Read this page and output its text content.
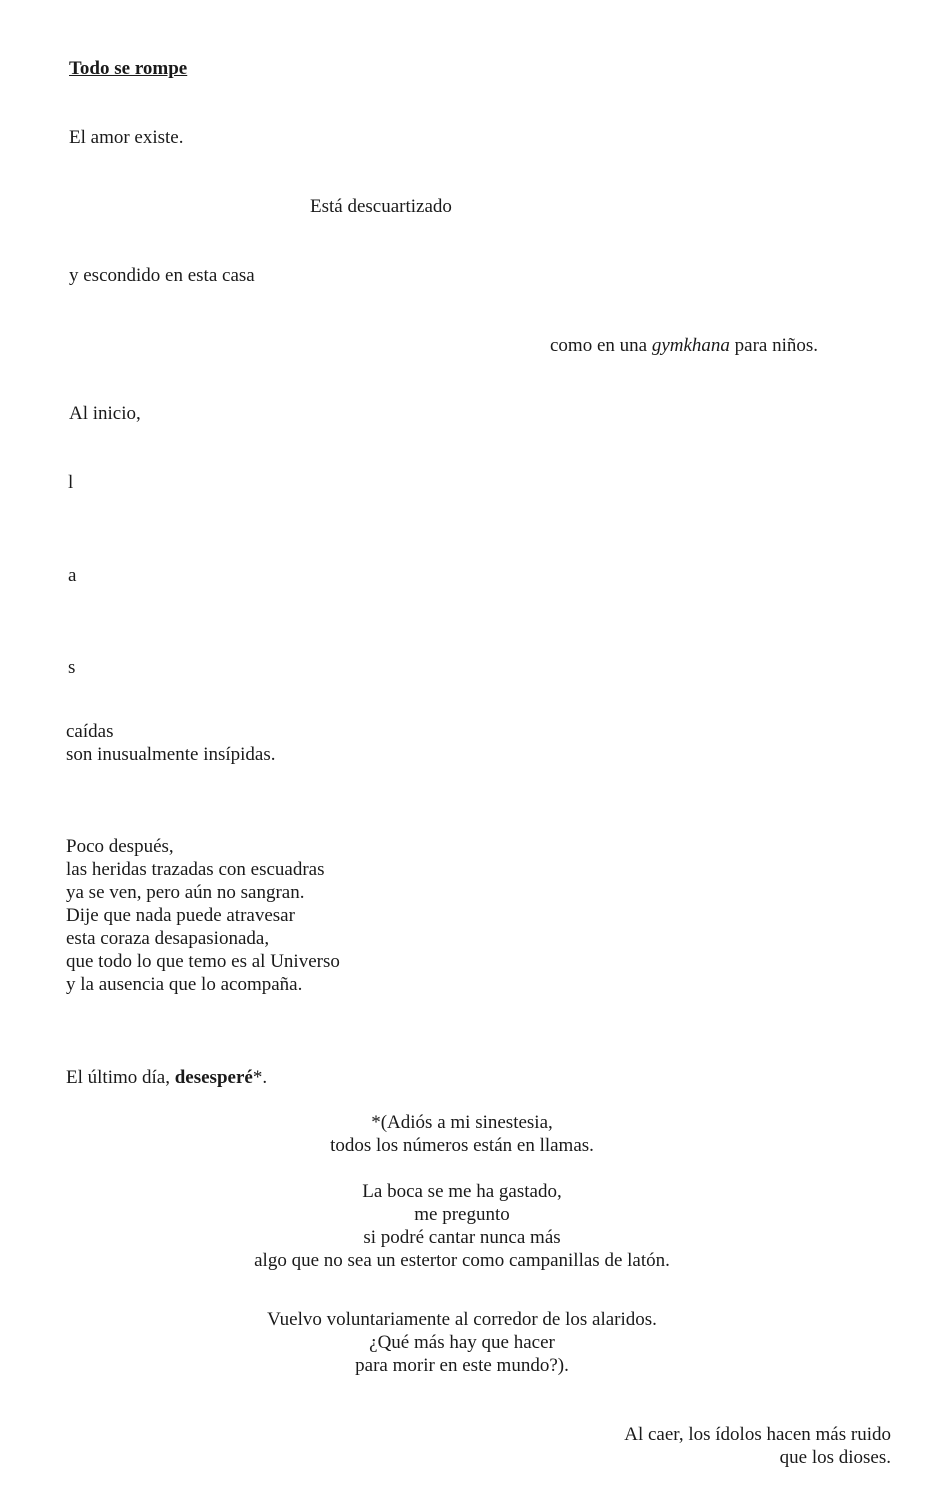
Todo se rompe

El amor existe.

Está descuartizado

y escondido en esta casa

como en una gymkhana para niños.

Al inicio,

l

a

s

caídas
son inusualmente insípidas.
Poco después,
las heridas trazadas con escuadras
ya se ven, pero aún no sangran.
Dije que nada puede atravesar
esta coraza desapasionada,
que todo lo que temo es al Universo
y la ausencia que lo acompaña.

El último día, desesperé*.

*(Adiós a mi sinestesia,
todos los números están en llamas.
La boca se me ha gastado,
me pregunto
si podré cantar nunca más
algo que no sea un estertor como campanillas de latón.
Vuelvo voluntariamente al corredor de los alaridos.
¿Qué más hay que hacer
para morir en este mundo?).
Al caer, los ídolos hacen más ruido
que los dioses.
